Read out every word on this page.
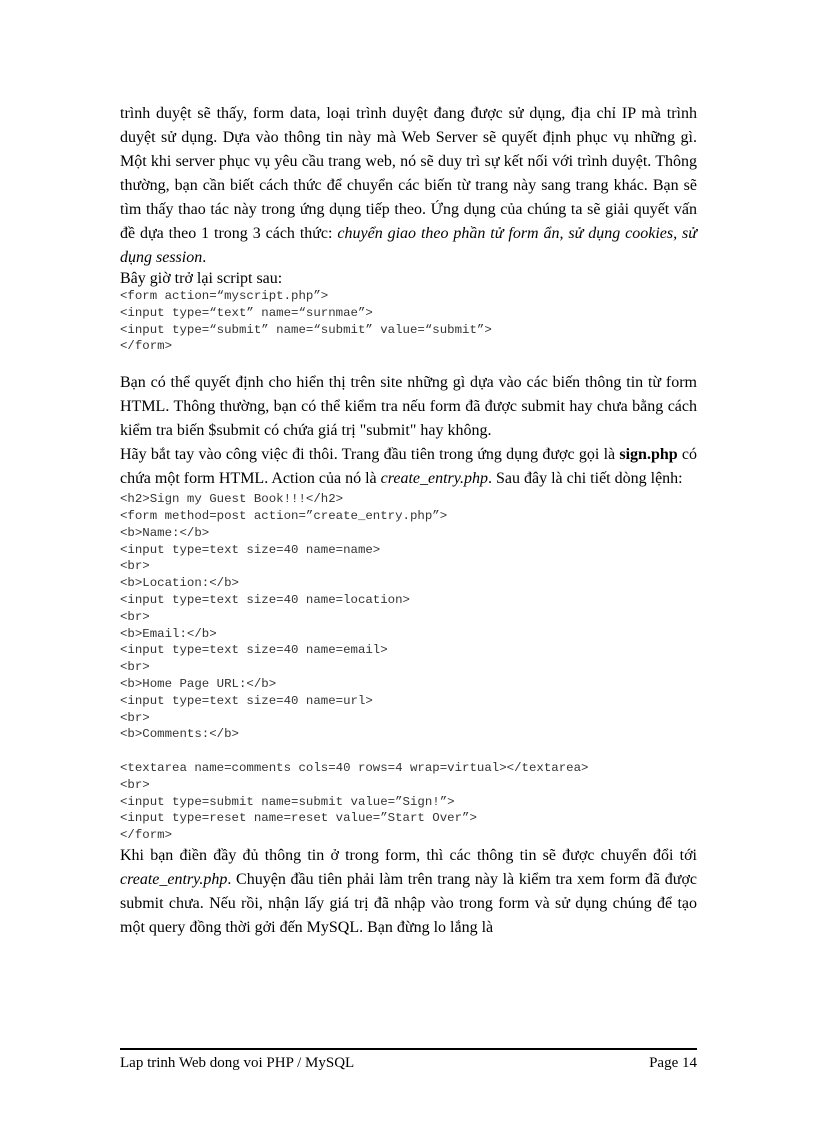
trình duyệt sẽ thấy, form data, loại trình duyệt đang được sử dụng, địa chỉ IP mà trình duyệt sử dụng. Dựa vào thông tin này mà Web Server sẽ quyết định phục vụ những gì. Một khi server phục vụ yêu cầu trang web, nó sẽ duy trì sự kết nối với trình duyệt. Thông thường, bạn cần biết cách thức để chuyển các biến từ trang này sang trang khác. Bạn sẽ tìm thấy thao tác này trong ứng dụng tiếp theo. Ứng dụng của chúng ta sẽ giải quyết vấn đề dựa theo 1 trong 3 cách thức: chuyển giao theo phần tử form ẩn, sử dụng cookies, sử dụng session.

Bây giờ trở lại script sau:

<form action=“myscript.php”>
<input type=“text” name=“surnmae”>
<input type=“submit” name=“submit” value=“submit”>
</form>

Bạn có thể quyết định cho hiển thị trên site những gì dựa vào các biến thông tin từ form HTML. Thông thường, bạn có thể kiểm tra nếu form đã được submit hay chưa bằng cách kiểm tra biến $submit có chứa giá trị "submit" hay không.

Hãy bắt tay vào công việc đi thôi. Trang đầu tiên trong ứng dụng được gọi là sign.php có chứa một form HTML. Action của nó là create_entry.php. Sau đây là chi tiết dòng lệnh:

<h2>Sign my Guest Book!!!</h2>
<form method=post action=”create_entry.php”>
<b>Name:</b>
<input type=text size=40 name=name>
<br>
<b>Location:</b>
<input type=text size=40 name=location>
<br>
<b>Email:</b>
<input type=text size=40 name=email>
<br>
<b>Home Page URL:</b>
<input type=text size=40 name=url>
<br>
<b>Comments:</b>
<textarea name=comments cols=40 rows=4 wrap=virtual></textarea>
<br>
<input type=submit name=submit value=”Sign!”>
<input type=reset name=reset value=”Start Over”>
</form>

Khi bạn điền đầy đủ thông tin ở trong form, thì các thông tin sẽ được chuyển đổi tới create_entry.php. Chuyện đầu tiên phải làm trên trang này là kiểm tra xem form đã được submit chưa. Nếu rồi, nhận lấy giá trị đã nhập vào trong form và sử dụng chúng để tạo một query đồng thời gởi đến MySQL. Bạn đừng lo lắng là

Lap trinh Web dong voi PHP / MySQL	Page 14
